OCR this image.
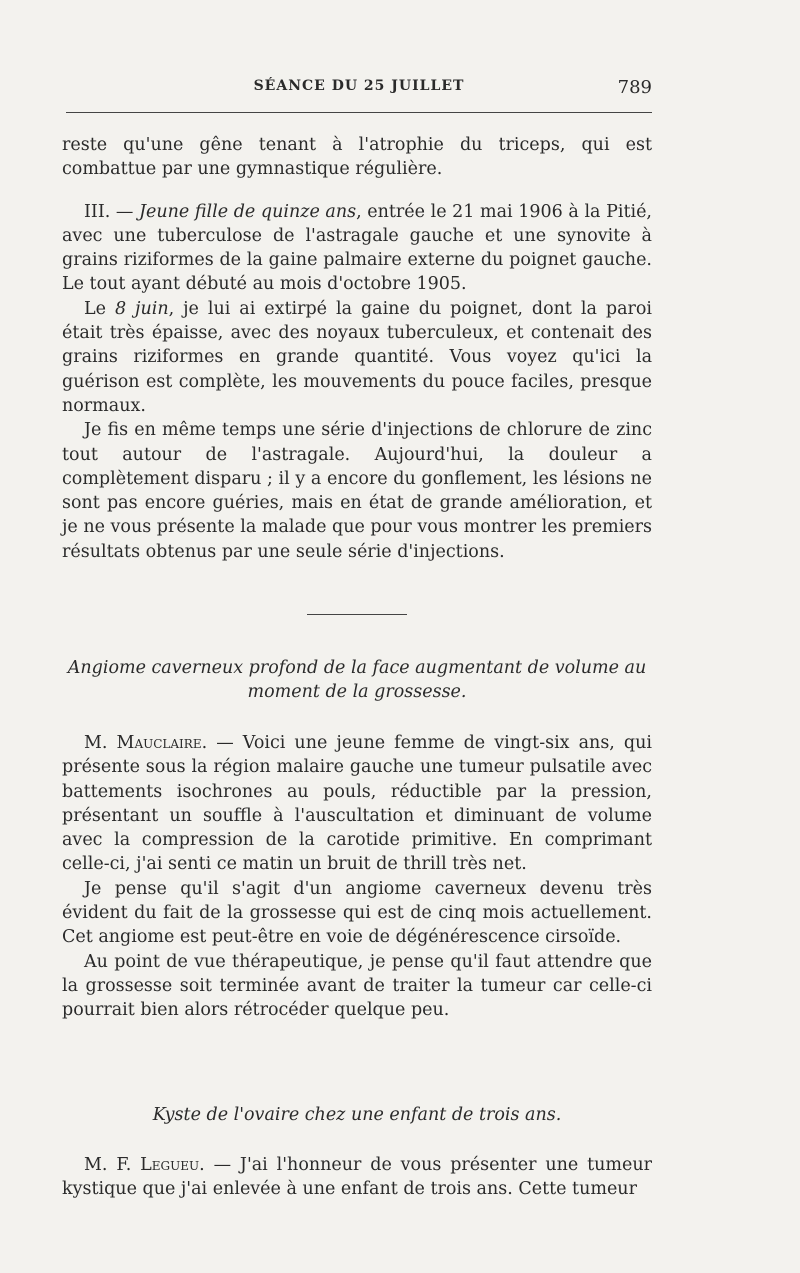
SÉANCE DU 25 JUILLET	789

reste qu'une gêne tenant à l'atrophie du triceps, qui est combattue par une gymnastique régulière.

III. — Jeune fille de quinze ans, entrée le 21 mai 1906 à la Pitié, avec une tuberculose de l'astragale gauche et une synovite à grains riziformes de la gaine palmaire externe du poignet gauche. Le tout ayant débuté au mois d'octobre 1905.

Le 8 juin, je lui ai extirpé la gaine du poignet, dont la paroi était très épaisse, avec des noyaux tuberculeux, et contenait des grains riziformes en grande quantité. Vous voyez qu'ici la guérison est complète, les mouvements du pouce faciles, presque normaux.

Je fis en même temps une série d'injections de chlorure de zinc tout autour de l'astragale. Aujourd'hui, la douleur a complètement disparu ; il y a encore du gonflement, les lésions ne sont pas encore guéries, mais en état de grande amélioration, et je ne vous présente la malade que pour vous montrer les premiers résultats obtenus par une seule série d'injections.

Angiome caverneux profond de la face augmentant de volume au
moment de la grossesse.

M. Mauclaire. — Voici une jeune femme de vingt-six ans, qui présente sous la région malaire gauche une tumeur pulsatile avec battements isochrones au pouls, réductible par la pression, présentant un souffle à l'auscultation et diminuant de volume avec la compression de la carotide primitive. En comprimant celle-ci, j'ai senti ce matin un bruit de thrill très net.

Je pense qu'il s'agit d'un angiome caverneux devenu très évident du fait de la grossesse qui est de cinq mois actuellement. Cet angiome est peut-être en voie de dégénérescence cirsoïde.

Au point de vue thérapeutique, je pense qu'il faut attendre que la grossesse soit terminée avant de traiter la tumeur car celle-ci pourrait bien alors rétrocéder quelque peu.

Kyste de l'ovaire chez une enfant de trois ans.

M. F. Legueu. — J'ai l'honneur de vous présenter une tumeur kystique que j'ai enlevée à une enfant de trois ans. Cette tumeur
